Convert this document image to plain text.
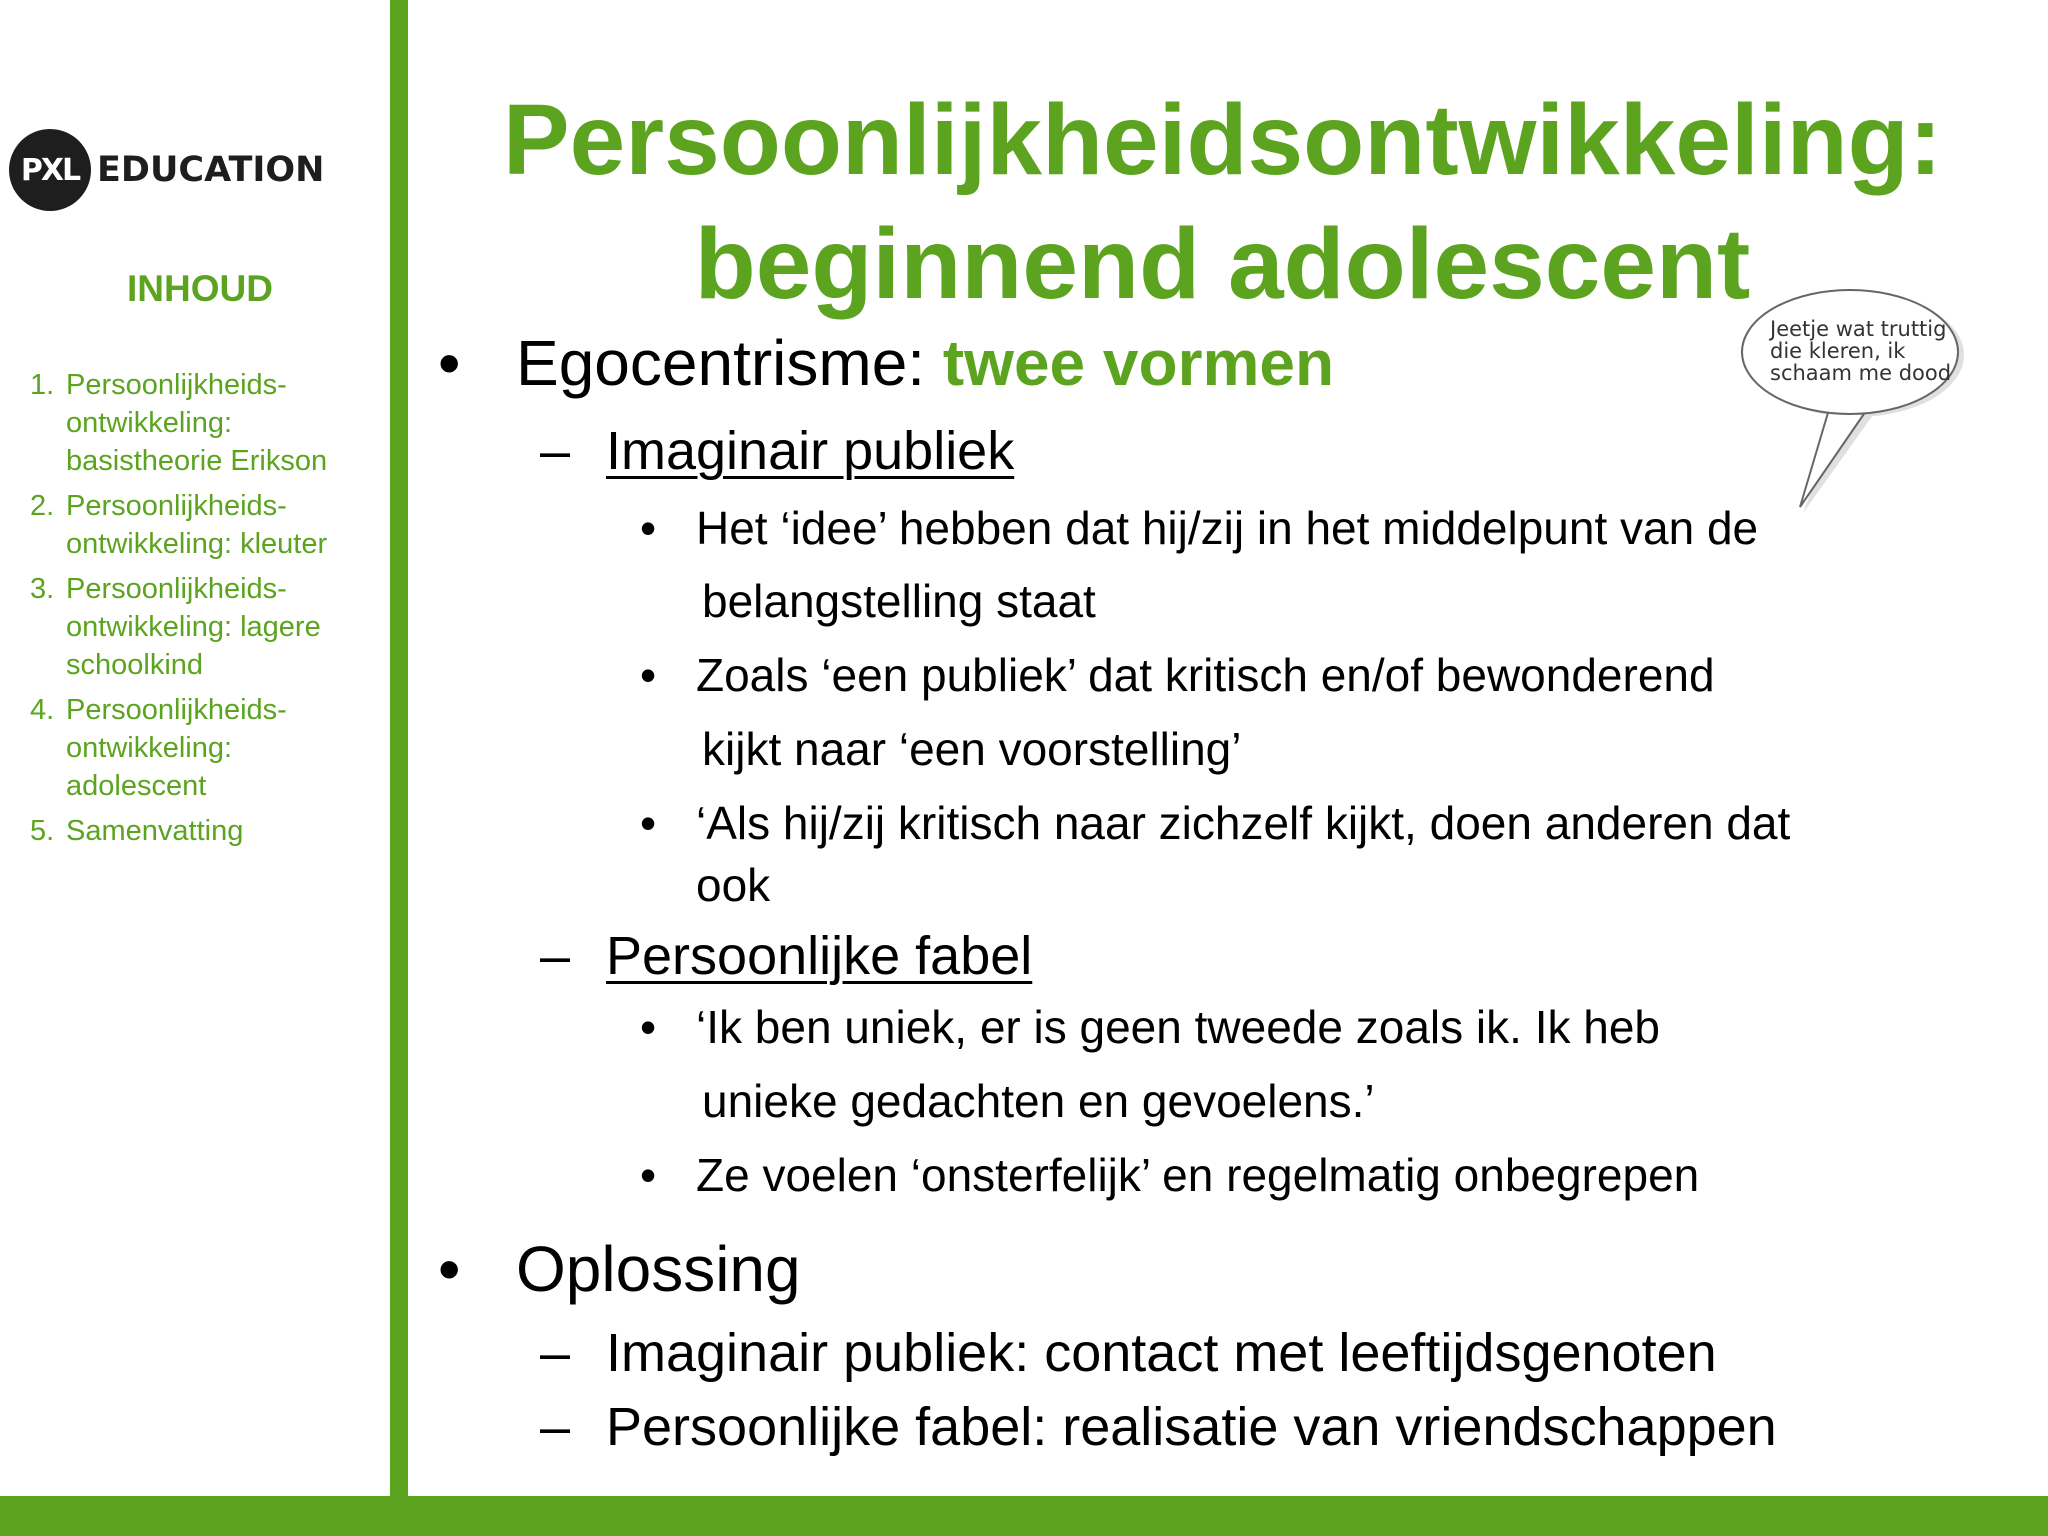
PXL EDUCATION
INHOUD
1. Persoonlijkheids-
ontwikkeling:
basistheorie Erikson
2. Persoonlijkheids-
ontwikkeling: kleuter
3. Persoonlijkheids-
ontwikkeling: lagere
schoolkind
4. Persoonlijkheids-
ontwikkeling:
adolescent
5. Samenvatting
Persoonlijkheidsontwikkeling:
beginnend adolescent
Jeetje wat truttig
die kleren, ik
schaam me dood
• Egocentrisme: twee vormen
– Imaginair publiek
• Het ‘idee’ hebben dat hij/zij in het middelpunt van de
belangstelling staat
• Zoals ‘een publiek’ dat kritisch en/of bewonderend
kijkt naar ‘een voorstelling’
• ‘Als hij/zij kritisch naar zichzelf kijkt, doen anderen dat
ook
– Persoonlijke fabel
• ‘Ik ben uniek, er is geen tweede zoals ik. Ik heb
unieke gedachten en gevoelens.’
• Ze voelen ‘onsterfelijk’ en regelmatig onbegrepen
• Oplossing
– Imaginair publiek: contact met leeftijdsgenoten
– Persoonlijke fabel: realisatie van vriendschappen
